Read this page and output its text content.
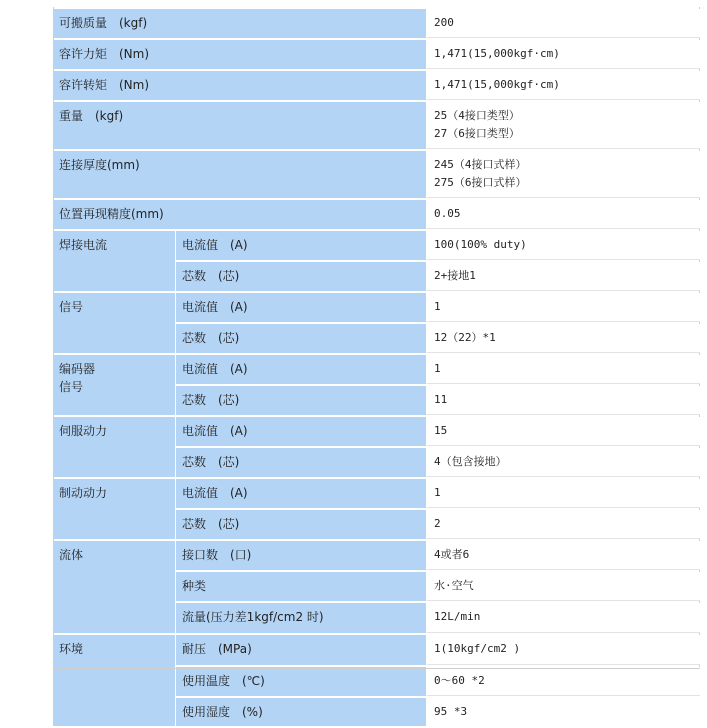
可搬质量　(kgf)		200
容许力矩　(Nm)		1,471(15,000kgf·cm)
容许转矩　(Nm)		1,471(15,000kgf·cm)
重量　(kgf)		25（4接口类型）
27（6接口类型）

连接厚度(mm)		245（4接口式样）
275（6接口式样）

位置再现精度(mm)		0.05
焊接电流	电流值　(A)	100(100% duty)
	芯数　(芯)	2+接地1
信号	电流值　(A)	1
	芯数　(芯)	12（22）*1

编码器
信号	电流值　(A)	1
	芯数　(芯)	11
伺服动力	电流值　(A)	15
	芯数　(芯)	4（包含接地）
制动动力	电流值　(A)	1
	芯数　(芯)	2
流体	接口数　(口)	4或者6
	种类	水·空气
	流量(压力差1kgf/cm2 时)	12L/min
环境	耐压　(MPa)	1(10kgf/cm2 )
	使用温度　(℃)	0～60 *2
	使用湿度　(%)	95 *3
